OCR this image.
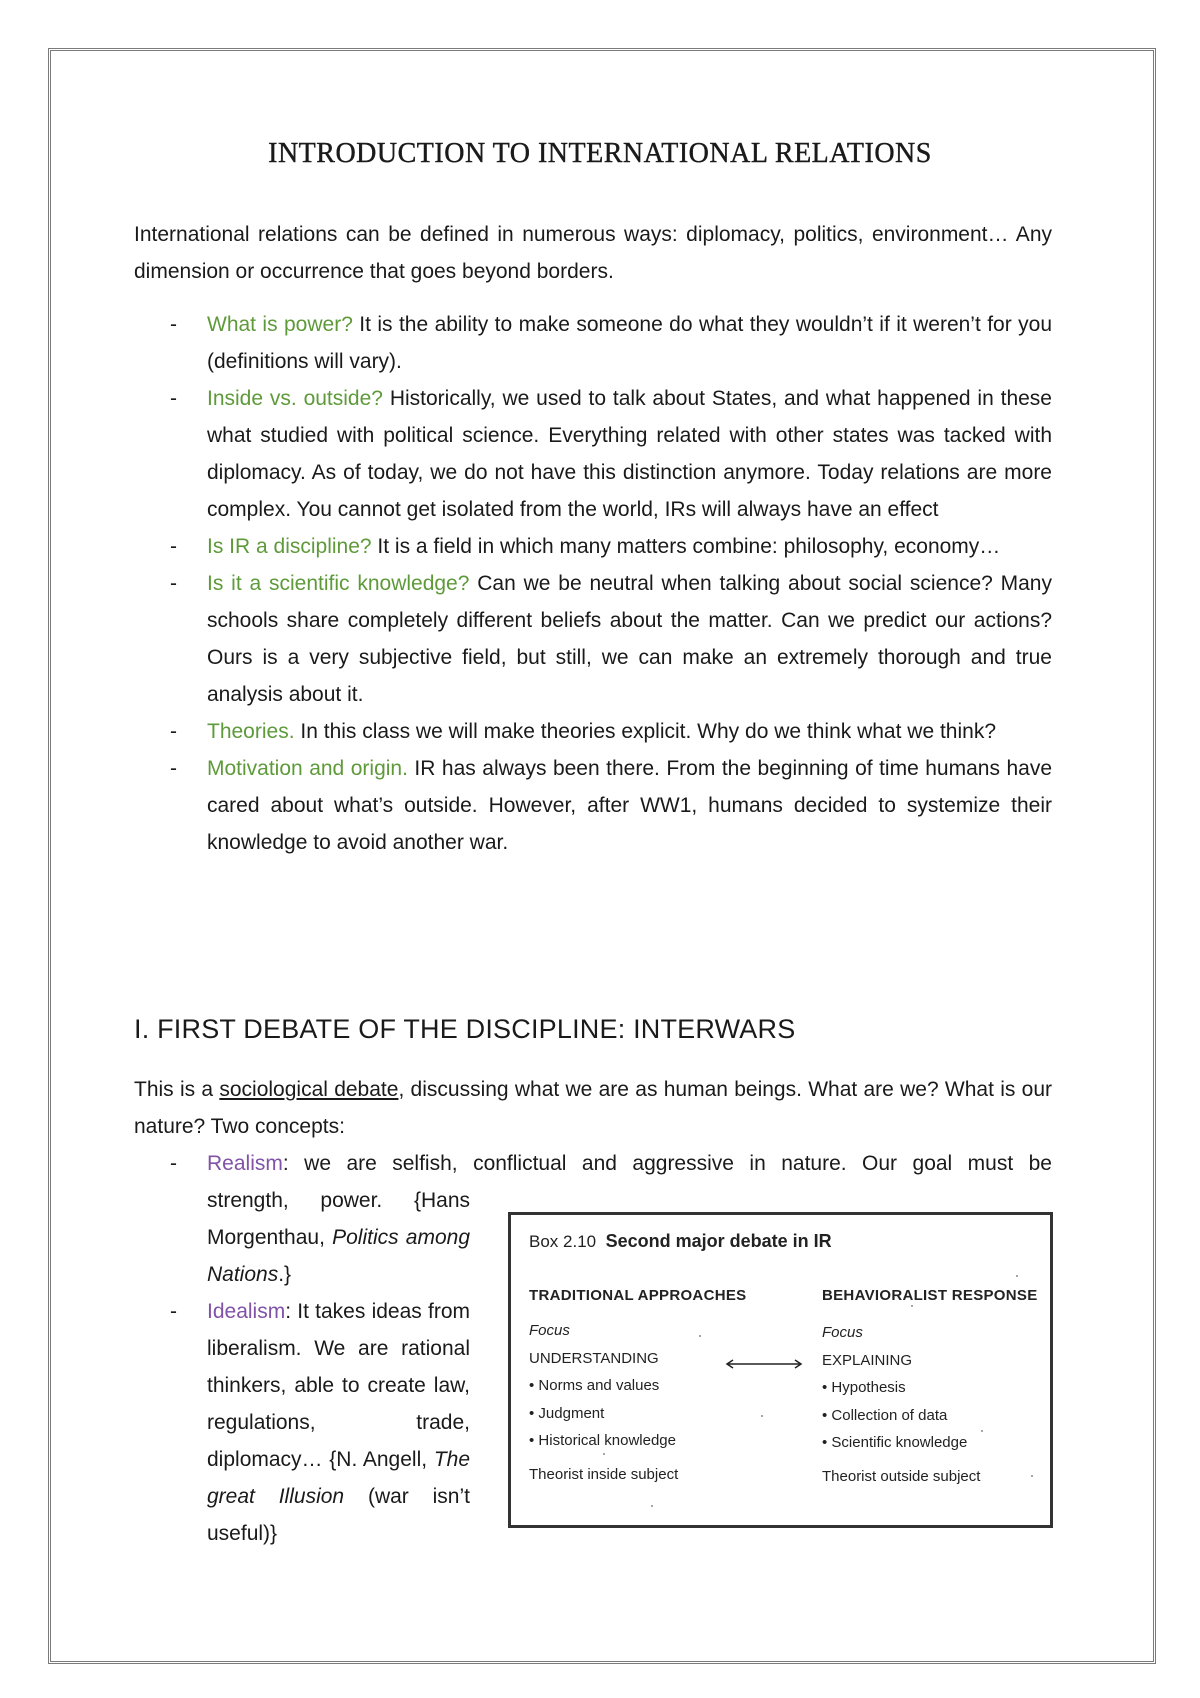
INTRODUCTION TO INTERNATIONAL RELATIONS

International relations can be defined in numerous ways: diplomacy, politics, environment… Any dimension or occurrence that goes beyond borders.

- What is power? It is the ability to make someone do what they wouldn’t if it weren’t for you (definitions will vary).
- Inside vs. outside? Historically, we used to talk about States, and what happened in these what studied with political science. Everything related with other states was tacked with diplomacy. As of today, we do not have this distinction anymore. Today relations are more complex. You cannot get isolated from the world, IRs will always have an effect
- Is IR a discipline? It is a field in which many matters combine: philosophy, economy…
- Is it a scientific knowledge? Can we be neutral when talking about social science? Many schools share completely different beliefs about the matter. Can we predict our actions? Ours is a very subjective field, but still, we can make an extremely thorough and true analysis about it.
- Theories. In this class we will make theories explicit. Why do we think what we think?
- Motivation and origin. IR has always been there. From the beginning of time humans have cared about what’s outside. However, after WW1, humans decided to systemize their knowledge to avoid another war.
I. FIRST DEBATE OF THE DISCIPLINE: INTERWARS

This is a sociological debate, discussing what we are as human beings. What are we? What is our nature? Two concepts:

- Realism: we are selfish, conflictual and aggressive in nature. Our goal must be
strength, power. {Hans Morgenthau, Politics among Nations.}
- Idealism: It takes ideas from liberalism. We are rational thinkers, able to create law, regulations, trade, diplomacy… {N. Angell, The great Illusion (war isn’t useful)}
Box 2.10 Second major debate in IR
TRADITIONAL APPROACHES	BEHAVIORALIST RESPONSE
Focus
UNDERSTANDING
• Norms and values
• Judgment
• Historical knowledge
Theorist inside subject
Focus
EXPLAINING
• Hypothesis
• Collection of data
• Scientific knowledge
Theorist outside subject
